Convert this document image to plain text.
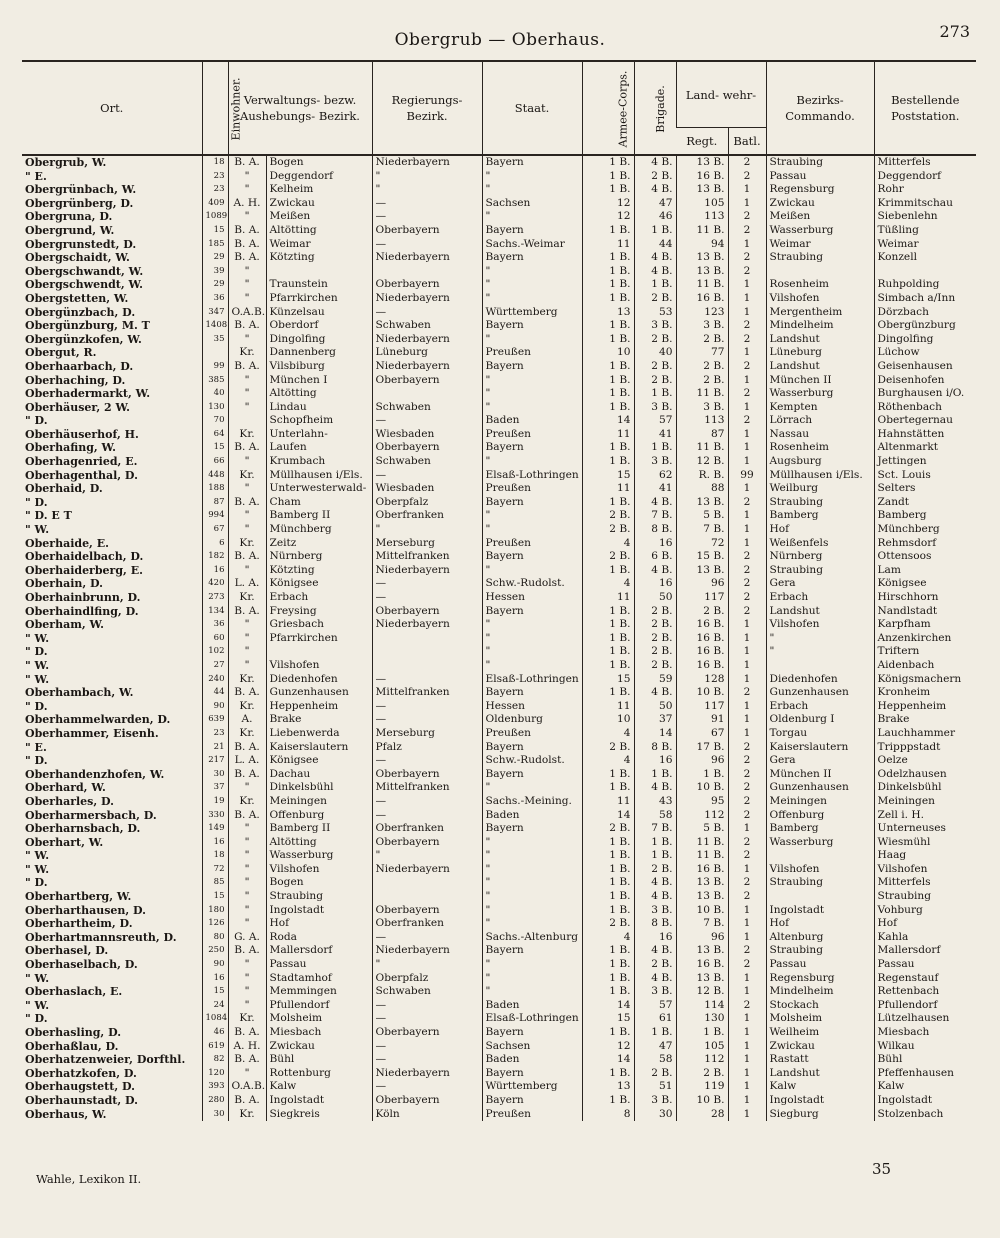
Obergrub — Oberhaus.	273
Ort.	Einwohner.	Verwaltungs- bezw. Aushebungs- Bezirk.		Regierungs- Bezirk.	Staat.	Armee-Corps.	Brigade.	Land- wehr-		Bezirks- Commando.	Bestellende Poststation.
								Regt.	Batl.		
Obergrub, W.	18	B. A.	Bogen	Niederbayern	Bayern	1 B.	4 B.	13 B.	2	Straubing	Mitterfels
" E.	23	"	Deggendorf	"	"	1 B.	2 B.	16 B.	2	Passau	Deggendorf
Obergrünbach, W.	23	"	Kelheim	"	"	1 B.	4 B.	13 B.	1	Regensburg	Rohr
Obergrünberg, D.	409	A. H.	Zwickau	—	Sachsen	12	47	105	1	Zwickau	Krimmitschau
Obergruna, D.	1089	"	Meißen	—	"	12	46	113	2	Meißen	Siebenlehn
Obergrund, W.	15	B. A.	Altötting	Oberbayern	Bayern	1 B.	1 B.	11 B.	2	Wasserburg	Tüßling
Obergrunstedt, D.	185	B. A.	Weimar	—	Sachs.-Weimar	11	44	94	1	Weimar	Weimar
Obergschaidt, W.	29	B. A.	Kötzting	Niederbayern	Bayern	1 B.	4 B.	13 B.	2	Straubing	Konzell
Obergschwandt, W.	39	"			"	1 B.	4 B.	13 B.	2		
Obergschwendt, W.	29	"	Traunstein	Oberbayern	"	1 B.	1 B.	11 B.	1	Rosenheim	Ruhpolding
Obergstetten, W.	36	"	Pfarrkirchen	Niederbayern	"	1 B.	2 B.	16 B.	1	Vilshofen	Simbach a/Inn
Obergünzbach, D.	347	O.A.B.	Künzelsau	—	Württemberg	13	53	123	1	Mergentheim	Dörzbach
Obergünzburg, M. T	1408	B. A.	Oberdorf	Schwaben	Bayern	1 B.	3 B.	3 B.	2	Mindelheim	Obergünzburg
Obergünzkofen, W.	35	"	Dingolfing	Niederbayern	"	1 B.	2 B.	2 B.	2	Landshut	Dingolfing
Obergut, R.		Kr.	Dannenberg	Lüneburg	Preußen	10	40	77	1	Lüneburg	Lüchow
Oberhaarbach, D.	99	B. A.	Vilsbiburg	Niederbayern	Bayern	1 B.	2 B.	2 B.	2	Landshut	Geisenhausen
Oberhaching, D.	385	"	München I	Oberbayern	"	1 B.	2 B.	2 B.	1	München II	Deisenhofen
Oberhadermarkt, W.	40	"	Altötting		"	1 B.	1 B.	11 B.	2	Wasserburg	Burghausen i/O.
Oberhäuser, 2 W.	130	"	Lindau	Schwaben	"	1 B.	3 B.	3 B.	1	Kempten	Röthenbach
" D.	70		Schopfheim	—	Baden	14	57	113	2	Lörrach	Obertegernau
Oberhäuserhof, H.	64	Kr.	Unterlahn-	Wiesbaden	Preußen	11	41	87	1	Nassau	Hahnstätten
Oberhafing, W.	15	B. A.	Laufen	Oberbayern	Bayern	1 B.	1 B.	11 B.	1	Rosenheim	Altenmarkt
Oberhagenried, E.	66	"	Krumbach	Schwaben	"	1 B.	3 B.	12 B.	1	Augsburg	Jettingen
Oberhagenthal, D.	448	Kr.	Müllhausen i/Els.	—	Elsaß-Lothringen	15	62	R. B.	99	Müllhausen i/Els.	Sct. Louis
Oberhaid, D.	188	"	Unterwesterwald-	Wiesbaden	Preußen	11	41	88	1	Weilburg	Selters
" D.	87	B. A.	Cham	Oberpfalz	Bayern	1 B.	4 B.	13 B.	2	Straubing	Zandt
" D. E T	994	"	Bamberg II	Oberfranken	"	2 B.	7 B.	5 B.	1	Bamberg	Bamberg
" W.	67	"	Münchberg	"	"	2 B.	8 B.	7 B.	1	Hof	Münchberg
Oberhaide, E.	6	Kr.	Zeitz	Merseburg	Preußen	4	16	72	1	Weißenfels	Rehmsdorf
Oberhaidelbach, D.	182	B. A.	Nürnberg	Mittelfranken	Bayern	2 B.	6 B.	15 B.	2	Nürnberg	Ottensoos
Oberhaiderberg, E.	16	"	Kötzting	Niederbayern	"	1 B.	4 B.	13 B.	2	Straubing	Lam
Oberhain, D.	420	L. A.	Königsee	—	Schw.-Rudolst.	4	16	96	2	Gera	Königsee
Oberhainbrunn, D.	273	Kr.	Erbach	—	Hessen	11	50	117	2	Erbach	Hirschhorn
Oberhaindlfing, D.	134	B. A.	Freysing	Oberbayern	Bayern	1 B.	2 B.	2 B.	2	Landshut	Nandlstadt
Oberham, W.	36	"	Griesbach	Niederbayern	"	1 B.	2 B.	16 B.	1	Vilshofen	Karpfham
" W.	60	"	Pfarrkirchen		"	1 B.	2 B.	16 B.	1	"	Anzenkirchen
" D.	102	"			"	1 B.	2 B.	16 B.	1	"	Triftern
" W.	27	"	Vilshofen		"	1 B.	2 B.	16 B.	1		Aidenbach
" W.	240	Kr.	Diedenhofen	—	Elsaß-Lothringen	15	59	128	1	Diedenhofen	Königsmachern
Oberhambach, W.	44	B. A.	Gunzenhausen	Mittelfranken	Bayern	1 B.	4 B.	10 B.	2	Gunzenhausen	Kronheim
" D.	90	Kr.	Heppenheim	—	Hessen	11	50	117	1	Erbach	Heppenheim
Oberhammelwarden, D.	639	A.	Brake	—	Oldenburg	10	37	91	1	Oldenburg I	Brake
Oberhammer, Eisenh.	23	Kr.	Liebenwerda	Merseburg	Preußen	4	14	67	1	Torgau	Lauchhammer
" E.	21	B. A.	Kaiserslautern	Pfalz	Bayern	2 B.	8 B.	17 B.	2	Kaiserslautern	Tripppstadt
" D.	217	L. A.	Königsee	—	Schw.-Rudolst.	4	16	96	2	Gera	Oelze
Oberhandenzhofen, W.	30	B. A.	Dachau	Oberbayern	Bayern	1 B.	1 B.	1 B.	2	München II	Odelzhausen
Oberhard, W.	37	"	Dinkelsbühl	Mittelfranken	"	1 B.	4 B.	10 B.	2	Gunzenhausen	Dinkelsbühl
Oberharles, D.	19	Kr.	Meiningen	—	Sachs.-Meining.	11	43	95	2	Meiningen	Meiningen
Oberharmersbach, D.	330	B. A.	Offenburg	—	Baden	14	58	112	2	Offenburg	Zell i. H.
Oberharnsbach, D.	149	"	Bamberg II	Oberfranken	Bayern	2 B.	7 B.	5 B.	1	Bamberg	Unterneuses
Oberhart, W.	16	"	Altötting	Oberbayern	"	1 B.	1 B.	11 B.	2	Wasserburg	Wiesmühl
" W.	18	"	Wasserburg	"	"	1 B.	1 B.	11 B.	2		Haag
" W.	72	"	Vilshofen	Niederbayern	"	1 B.	2 B.	16 B.	1	Vilshofen	Vilshofen
" D.	85	"	Bogen		"	1 B.	4 B.	13 B.	2	Straubing	Mitterfels
Oberhartberg, W.	15	"	Straubing		"	1 B.	4 B.	13 B.	2		Straubing
Oberharthausen, D.	180	"	Ingolstadt	Oberbayern	"	1 B.	3 B.	10 B.	1	Ingolstadt	Vohburg
Oberhartheim, D.	126	"	Hof	Oberfranken	"	2 B.	8 B.	7 B.	1	Hof	Hof
Oberhartmannsreuth, D.	80	G. A.	Roda	—	Sachs.-Altenburg	4	16	96	1	Altenburg	Kahla
Oberhasel, D.	250	B. A.	Mallersdorf	Niederbayern	Bayern	1 B.	4 B.	13 B.	2	Straubing	Mallersdorf
Oberhaselbach, D.	90	"	Passau	"	"	1 B.	2 B.	16 B.	2	Passau	Passau
" W.	16	"	Stadtamhof	Oberpfalz	"	1 B.	4 B.	13 B.	1	Regensburg	Regenstauf
Oberhaslach, E.	15	"	Memmingen	Schwaben	"	1 B.	3 B.	12 B.	1	Mindelheim	Rettenbach
" W.	24	"	Pfullendorf	—	Baden	14	57	114	2	Stockach	Pfullendorf
" D.	1084	Kr.	Molsheim	—	Elsaß-Lothringen	15	61	130	1	Molsheim	Lützelhausen
Oberhasling, D.	46	B. A.	Miesbach	Oberbayern	Bayern	1 B.	1 B.	1 B.	1	Weilheim	Miesbach
Oberhaßlau, D.	619	A. H.	Zwickau	—	Sachsen	12	47	105	1	Zwickau	Wilkau
Oberhatzenweier, Dorfthl.	82	B. A.	Bühl	—	Baden	14	58	112	1	Rastatt	Bühl
Oberhatzkofen, D.	120	"	Rottenburg	Niederbayern	Bayern	1 B.	2 B.	2 B.	1	Landshut	Pfeffenhausen
Oberhaugstett, D.	393	O.A.B.	Kalw	—	Württemberg	13	51	119	1	Kalw	Kalw
Oberhaunstadt, D.	280	B. A.	Ingolstadt	Oberbayern	Bayern	1 B.	3 B.	10 B.	1	Ingolstadt	Ingolstadt
Oberhaus, W.	30	Kr.	Siegkreis	Köln	Preußen	8	30	28	1	Siegburg	Stolzenbach
Wahle, Lexikon II.
35
